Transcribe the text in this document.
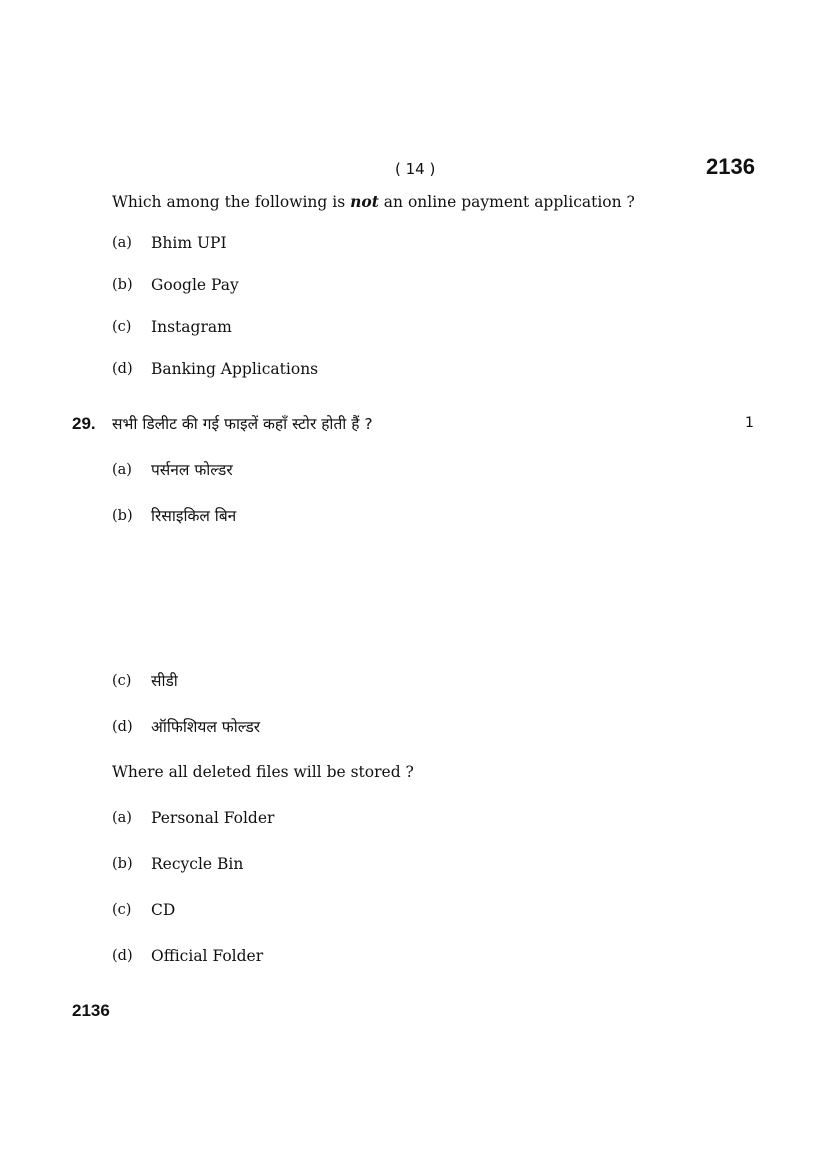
( 14 )	2136
Which among the following is not an online payment application ?
(a) Bhim UPI
(b) Google Pay
(c) Instagram
(d) Banking Applications
29. सभी डिलीट की गई फाइलें कहाँ स्टोर होती हैं ?	1
(a) पर्सनल फोल्डर
(b) रिसाइकिल बिन
(c) सीडी
(d) ऑफिशियल फोल्डर
Where all deleted files will be stored ?
(a) Personal Folder
(b) Recycle Bin
(c) CD
(d) Official Folder
2136
